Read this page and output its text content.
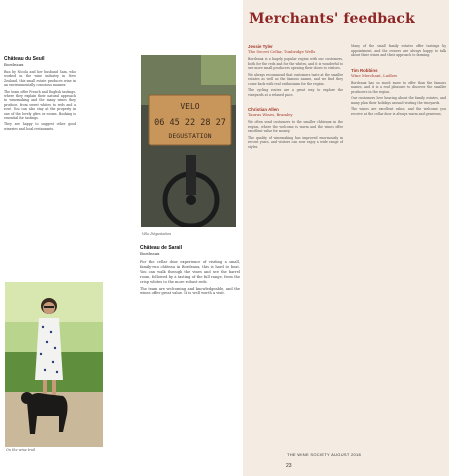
Château du Seuil
Bordeaux

Run by Nicola and her husband Sam, who worked in the wine industry in New Zealand, this small estate produces wine in an environmentally conscious manner.

The team offer French and English tastings, where they explain their natural approach to winemaking and the many wines they produce, from sweet whites to reds and a rosé. You can also stay at the property in one of the lovely gîtes or rooms. Booking is essential for tastings.

They are happy to suggest other good wineries and local restaurants.

On the wine trail
VELO
06 45 22 28 27
DEGUSTATION
Vélo Dégustation
Château de Sarail
Bordeaux

For the cellar door experience of visiting a small, family-run château in Bordeaux, this is hard to beat. You can walk through the vines and see the barrel room, followed by a tasting of the full range, from the crisp whites to the more robust reds.

The team are welcoming and knowledgeable, and the wines offer great value. It is well worth a visit.

Merchants' feedback
Jessie Tyler
The Secret Cellar, Tunbridge Wells

Bordeaux is a hugely popular region with our customers, both for the reds and for the whites, and it is wonderful to see more small producers opening their doors to visitors.

We always recommend that customers taste at the smaller estates as well as the famous names, and we find they come back with real enthusiasm for the region.

The cycling routes are a great way to explore the vineyards at a relaxed pace.

Christian Allen
Taurus Wines, Bramley

We often send customers to the smaller châteaux in the region, where the welcome is warm and the wines offer excellent value for money.

The quality of winemaking has improved enormously in recent years, and visitors can now enjoy a wide range of styles.

Many of the small family estates offer tastings by appointment, and the owners are always happy to talk about their wines and their approach to farming.

Tim Robbins
Wine Merchant, Ludlow

Bordeaux has so much more to offer than the famous names, and it is a real pleasure to discover the smaller producers in the region.

Our customers love hearing about the family estates, and many plan their holidays around visiting the vineyards.

The wines are excellent value, and the welcome you receive at the cellar door is always warm and generous.

THE WINE SOCIETY AUGUST 2018
23
